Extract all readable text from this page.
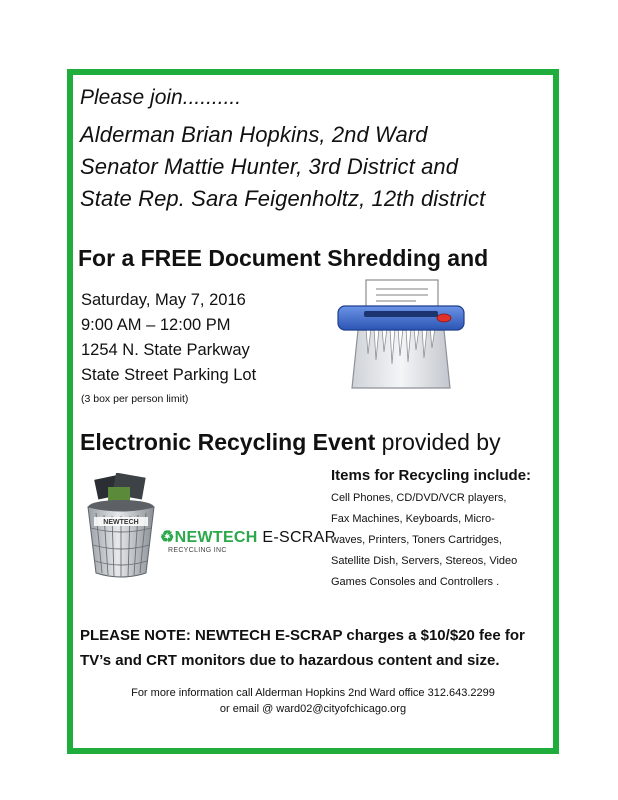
Please join..........
Alderman Brian Hopkins, 2nd Ward
Senator Mattie Hunter, 3rd District and
State Rep. Sara Feigenholtz, 12th district
For a FREE Document Shredding and
Saturday, May 7, 2016
9:00 AM – 12:00 PM
1254 N. State Parkway
State Street Parking Lot
(3 box per person limit)
Electronic Recycling Event provided by
NEWTECH
♻NEWTECH E-SCRAP
RECYCLING INC
Items for Recycling include:
Cell Phones, CD/DVD/VCR players,
Fax Machines, Keyboards, Micro-
waves, Printers, Toners Cartridges,
Satellite Dish, Servers, Stereos, Video
Games Consoles and Controllers .
PLEASE NOTE: NEWTECH E-SCRAP charges a $10/$20 fee for
TV’s and CRT monitors due to hazardous content and size.
For more information call Alderman Hopkins 2nd Ward office 312.643.2299
or email @ ward02@cityofchicago.org
